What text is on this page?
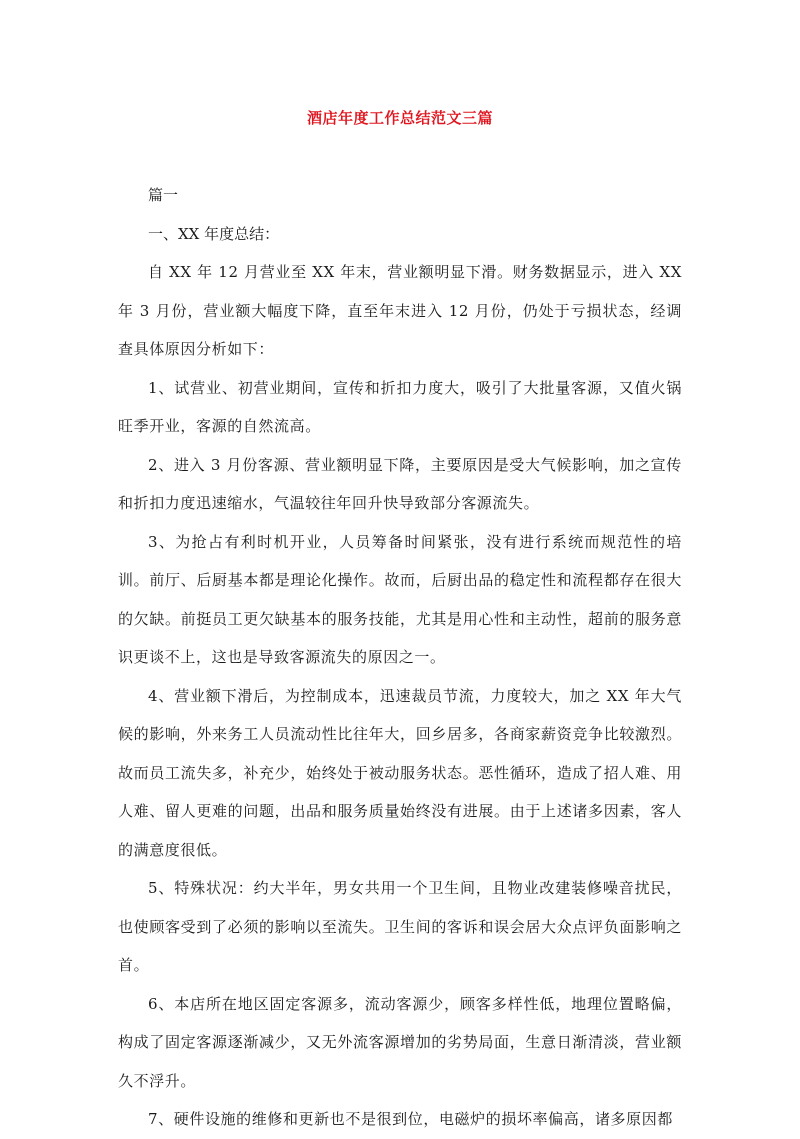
酒店年度工作总结范文三篇

篇一

一、XX 年度总结：

自 XX 年 12 月营业至 XX 年末，营业额明显下滑。财务数据显示，进入 XX 年 3 月份，营业额大幅度下降，直至年末进入 12 月份，仍处于亏损状态，经调查具体原因分析如下：

1、试营业、初营业期间，宣传和折扣力度大，吸引了大批量客源，又值火锅旺季开业，客源的自然流高。

2、进入 3 月份客源、营业额明显下降，主要原因是受大气候影响，加之宣传和折扣力度迅速缩水，气温较往年回升快导致部分客源流失。

3、为抢占有利时机开业，人员筹备时间紧张，没有进行系统而规范性的培训。前厅、后厨基本都是理论化操作。故而，后厨出品的稳定性和流程都存在很大的欠缺。前挺员工更欠缺基本的服务技能，尤其是用心性和主动性，超前的服务意识更谈不上，这也是导致客源流失的原因之一。

4、营业额下滑后，为控制成本，迅速裁员节流，力度较大，加之 XX 年大气候的影响，外来务工人员流动性比往年大，回乡居多，各商家薪资竞争比较激烈。故而员工流失多，补充少，始终处于被动服务状态。恶性循环，造成了招人难、用人难、留人更难的问题，出品和服务质量始终没有进展。由于上述诸多因素，客人的满意度很低。

5、特殊状况：约大半年，男女共用一个卫生间，且物业改建装修噪音扰民，也使顾客受到了必须的影响以至流失。卫生间的客诉和误会居大众点评负面影响之首。

6、本店所在地区固定客源多，流动客源少，顾客多样性低，地理位置略偏，构成了固定客源逐渐减少，又无外流客源增加的劣势局面，生意日渐清淡，营业额久不浮升。

7、硬件设施的维修和更新也不是很到位，电磁炉的损坏率偏高，诸多原因都
